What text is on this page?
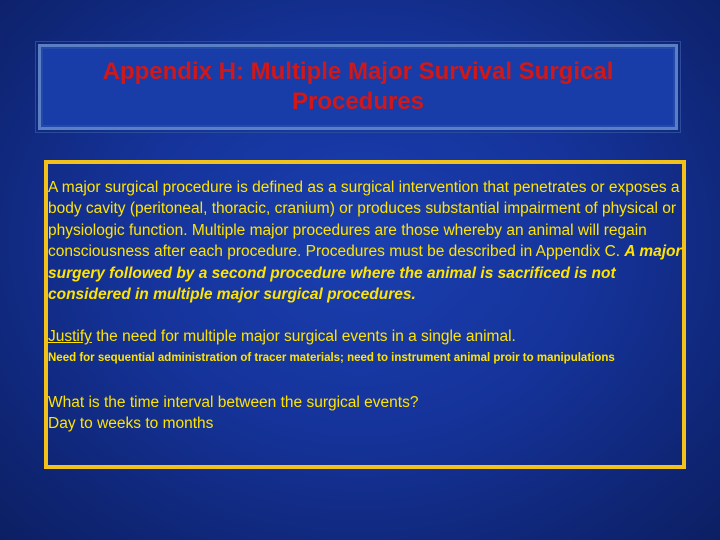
Appendix H: Multiple Major Survival Surgical
Procedures

A major surgical procedure is defined as a surgical intervention that penetrates or exposes a body cavity (peritoneal, thoracic, cranium) or produces substantial impairment of physical or physiologic function. Multiple major procedures are those whereby an animal will regain consciousness after each procedure. Procedures must be described in Appendix C. A major surgery followed by a second procedure where the animal is sacrificed is not considered in multiple major surgical procedures.

Justify the need for multiple major surgical events in a single animal.

Need for sequential administration of tracer materials; need to instrument animal proir to manipulations

What is the time interval between the surgical events?

Day to weeks to months
